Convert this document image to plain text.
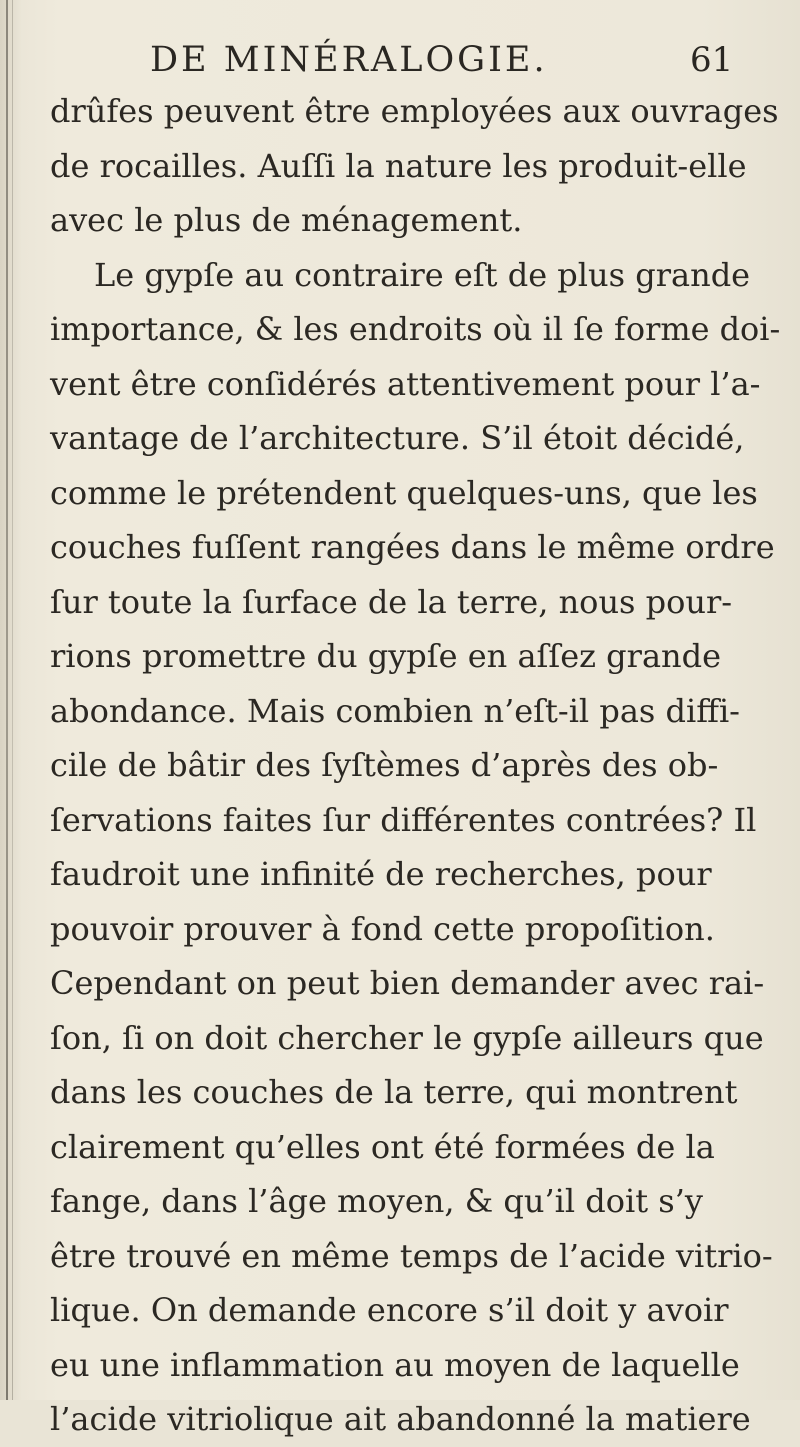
DE MINÉRALOGIE.	61
drûfes peuvent être employées aux ouvrages
de rocailles. Auſſi la nature les produit-elle
avec le plus de ménagement.
Le gypſe au contraire eſt de plus grande
importance, & les endroits où il ſe forme doi-
vent être conſidérés attentivement pour l’a-
vantage de l’architecture. S’il étoit décidé,
comme le prétendent quelques-uns, que les
couches fuſſent rangées dans le même ordre
ſur toute la ſurface de la terre, nous pour-
rions promettre du gypſe en aſſez grande
abondance. Mais combien n’eſt-il pas diffi-
cile de bâtir des ſyſtèmes d’après des ob-
ſervations faites ſur différentes contrées? Il
faudroit une infinité de recherches, pour
pouvoir prouver à fond cette propoſition.
Cependant on peut bien demander avec rai-
ſon, ſi on doit chercher le gypſe ailleurs que
dans les couches de la terre, qui montrent
clairement qu’elles ont été formées de la
fange, dans l’âge moyen, & qu’il doit s’y
être trouvé en même temps de l’acide vitrio-
lique. On demande encore s’il doit y avoir
eu une inflammation au moyen de laquelle
l’acide vitriolique ait abandonné la matiere
